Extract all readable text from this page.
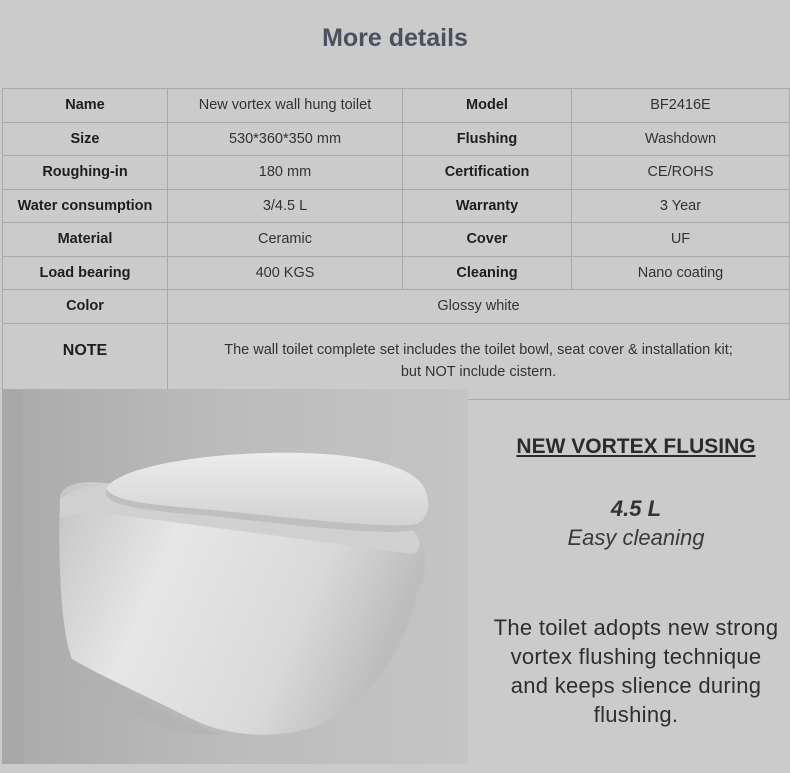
More details
Name	New vortex wall hung toilet	Model	BF2416E
Size	530*360*350 mm	Flushing	Washdown
Roughing-in	180 mm	Certification	CE/ROHS
Water consumption	3/4.5 L	Warranty	3 Year
Material	Ceramic	Cover	UF
Load bearing	400 KGS	Cleaning	Nano coating
Color	Glossy white		
NOTE	The wall toilet complete set includes the toilet bowl, seat cover & installation kit;
but NOT include cistern.		
NEW VORTEX FLUSING
4.5 L
Easy cleaning
The toilet adopts new strong vortex flushing technique and keeps slience during flushing.
